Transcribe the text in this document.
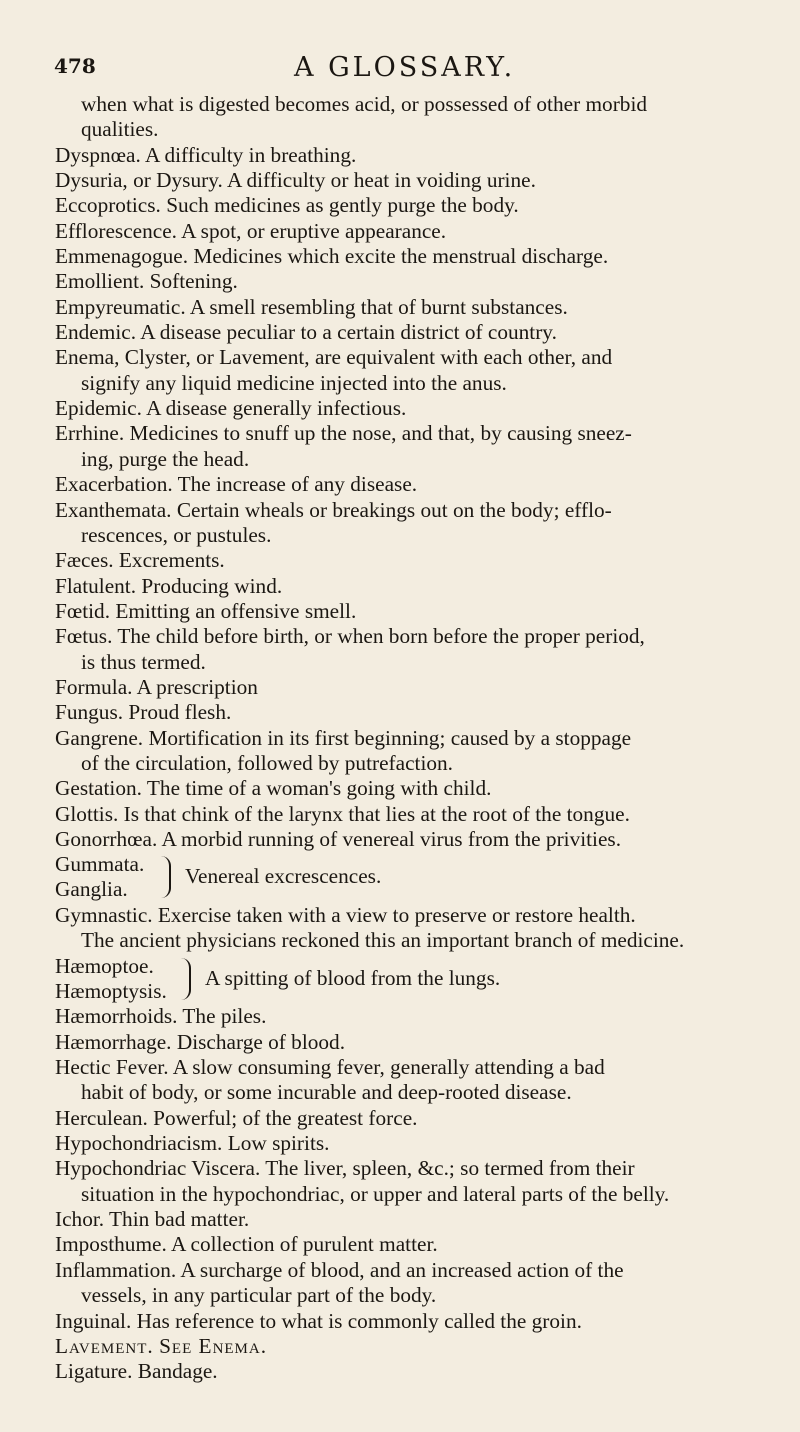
478	A GLOSSARY.
when what is digested becomes acid, or possessed of other morbid
qualities.
Dyspnœa. A difficulty in breathing.
Dysuria, or Dysury. A difficulty or heat in voiding urine.
Eccoprotics. Such medicines as gently purge the body.
Efflorescence. A spot, or eruptive appearance.
Emmenagogue. Medicines which excite the menstrual discharge.
Emollient. Softening.
Empyreumatic. A smell resembling that of burnt substances.
Endemic. A disease peculiar to a certain district of country.
Enema, Clyster, or Lavement, are equivalent with each other, and
signify any liquid medicine injected into the anus.
Epidemic. A disease generally infectious.
Errhine. Medicines to snuff up the nose, and that, by causing sneez-
ing, purge the head.
Exacerbation. The increase of any disease.
Exanthemata. Certain wheals or breakings out on the body; efflo-
rescences, or pustules.
Fæces. Excrements.
Flatulent. Producing wind.
Fœtid. Emitting an offensive smell.
Fœtus. The child before birth, or when born before the proper period,
is thus termed.
Formula. A prescription
Fungus. Proud flesh.
Gangrene. Mortification in its first beginning; caused by a stoppage
of the circulation, followed by putrefaction.
Gestation. The time of a woman's going with child.
Glottis. Is that chink of the larynx that lies at the root of the tongue.
Gonorrhœa. A morbid running of venereal virus from the privities.
Gummata.
Ganglia.
Venereal excrescences.
Gymnastic. Exercise taken with a view to preserve or restore health.
The ancient physicians reckoned this an important branch of medicine.
Hæmoptoe.
Hæmoptysis.
A spitting of blood from the lungs.
Hæmorrhoids. The piles.
Hæmorrhage. Discharge of blood.
Hectic Fever. A slow consuming fever, generally attending a bad
habit of body, or some incurable and deep-rooted disease.
Herculean. Powerful; of the greatest force.
Hypochondriacism. Low spirits.
Hypochondriac Viscera. The liver, spleen, &c.; so termed from their
situation in the hypochondriac, or upper and lateral parts of the belly.
Ichor. Thin bad matter.
Imposthume. A collection of purulent matter.
Inflammation. A surcharge of blood, and an increased action of the
vessels, in any particular part of the body.
Inguinal. Has reference to what is commonly called the groin.
Lavement. See Enema.
Ligature. Bandage.
